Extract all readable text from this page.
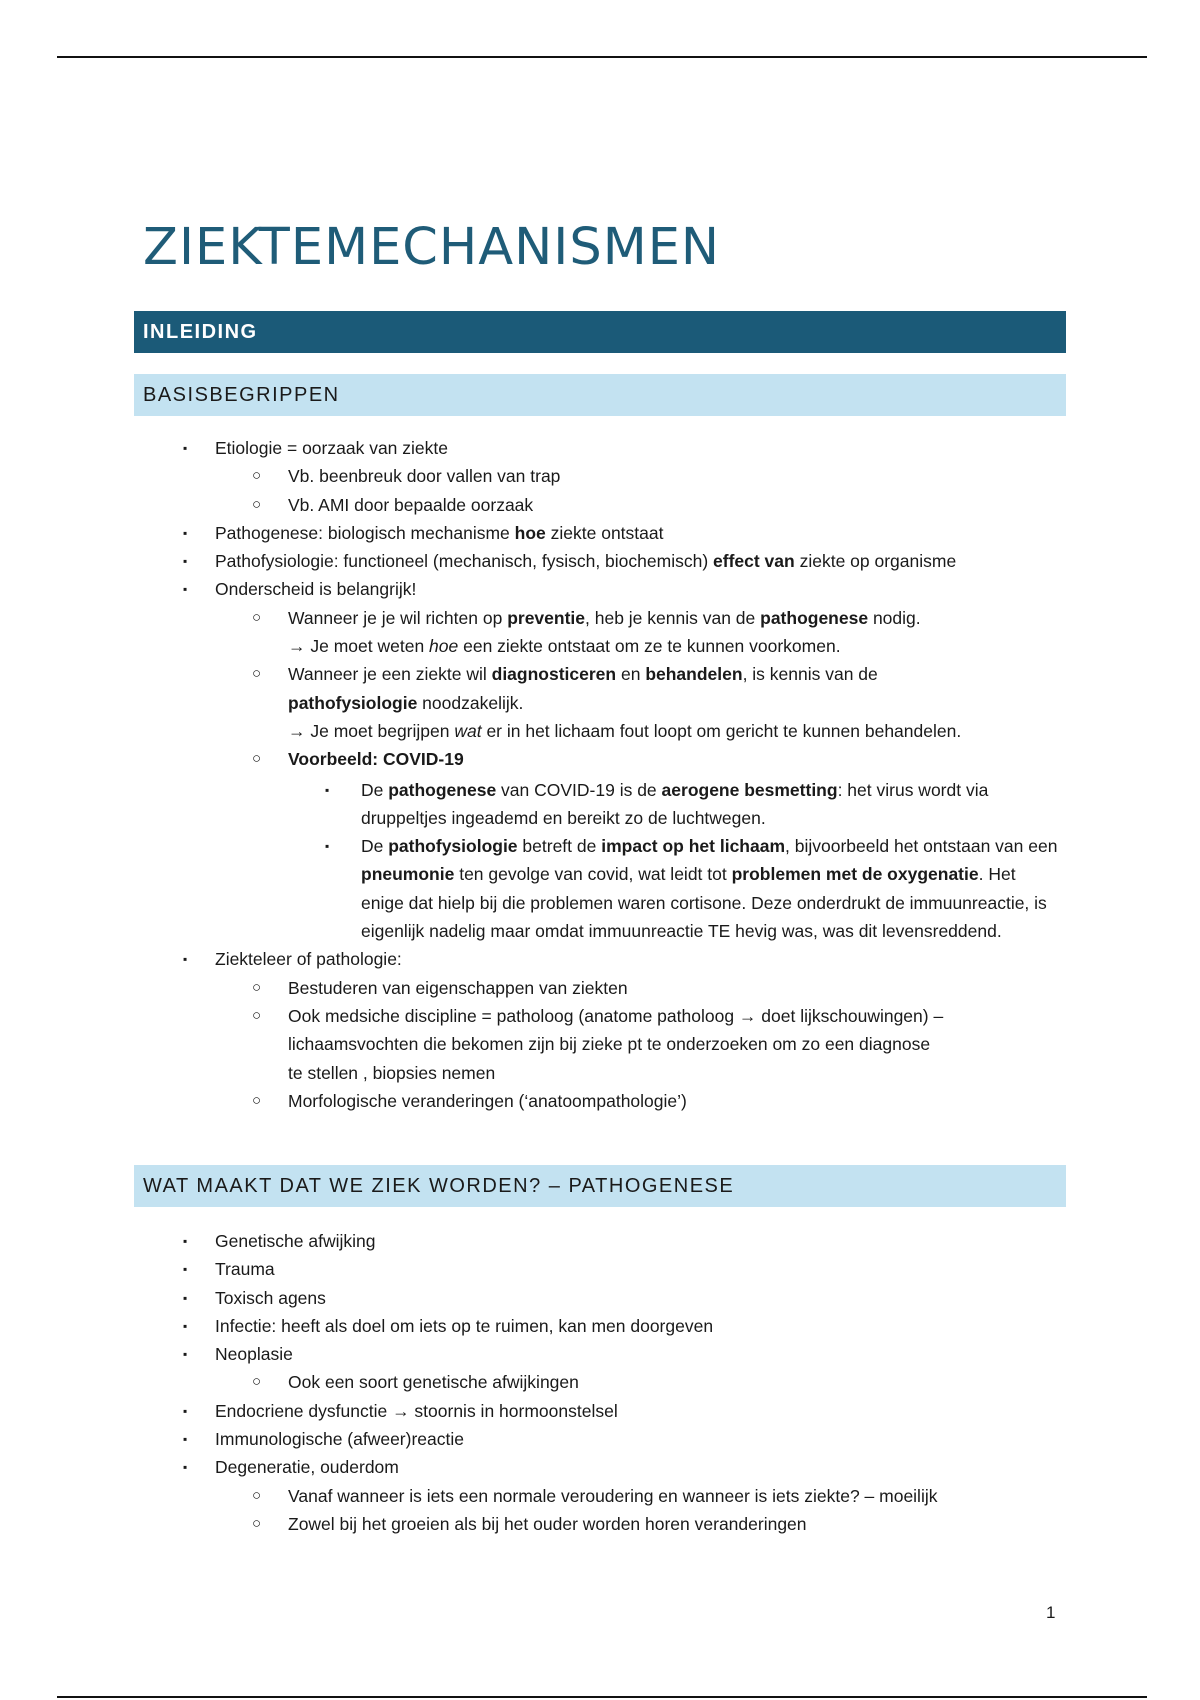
ZIEKTEMECHANISMEN
INLEIDING
BASISBEGRIPPEN
▪ Etiologie = oorzaak van ziekte
○ Vb. beenbreuk door vallen van trap
○ Vb. AMI door bepaalde oorzaak
▪ Pathogenese: biologisch mechanisme hoe ziekte ontstaat
▪ Pathofysiologie: functioneel (mechanisch, fysisch, biochemisch) effect van ziekte op organisme
▪ Onderscheid is belangrijk!
○ Wanneer je je wil richten op preventie, heb je kennis van de pathogenese nodig.
→ Je moet weten hoe een ziekte ontstaat om ze te kunnen voorkomen.
○ Wanneer je een ziekte wil diagnosticeren en behandelen, is kennis van de
pathofysiologie noodzakelijk.
→ Je moet begrijpen wat er in het lichaam fout loopt om gericht te kunnen behandelen.
○ Voorbeeld: COVID-19
▪ De pathogenese van COVID-19 is de aerogene besmetting: het virus wordt via druppeltjes ingeademd en bereikt zo de luchtwegen.
▪ De pathofysiologie betreft de impact op het lichaam, bijvoorbeeld het ontstaan van een pneumonie ten gevolge van covid, wat leidt tot problemen met de oxygenatie. Het enige dat hielp bij die problemen waren cortisone. Deze onderdrukt de immuunreactie, is eigenlijk nadelig maar omdat immuunreactie TE hevig was, was dit levensreddend.
▪ Ziekteleer of pathologie:
○ Bestuderen van eigenschappen van ziekten
○ Ook medsiche discipline = patholoog (anatome patholoog → doet lijkschouwingen) –
lichaamsvochten die bekomen zijn bij zieke pt te onderzoeken om zo een diagnose
te stellen , biopsies nemen
○ Morfologische veranderingen (‘anatoompathologie’)
WAT MAAKT DAT WE ZIEK WORDEN? – PATHOGENESE
▪ Genetische afwijking
▪ Trauma
▪ Toxisch agens
▪ Infectie: heeft als doel om iets op te ruimen, kan men doorgeven
▪ Neoplasie
○ Ook een soort genetische afwijkingen
▪ Endocriene dysfunctie → stoornis in hormoonstelsel
▪ Immunologische (afweer)reactie
▪ Degeneratie, ouderdom
○ Vanaf wanneer is iets een normale veroudering en wanneer is iets ziekte? – moeilijk
○ Zowel bij het groeien als bij het ouder worden horen veranderingen
1
